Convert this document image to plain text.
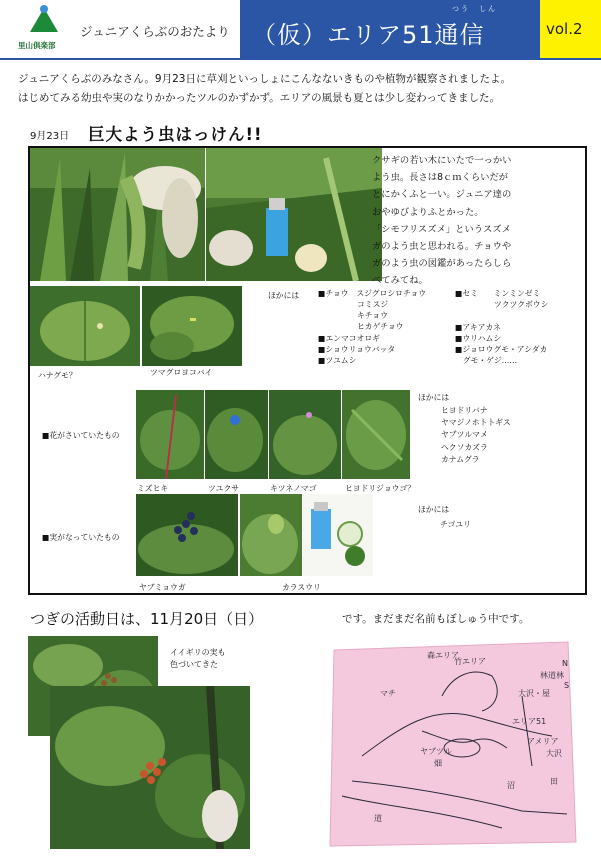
里山倶楽部
ジュニアくらぶのおたより
つう　しん
（仮）エリア51通信	vol.2
ジュニアくらぶのみなさん。9月23日に草刈といっしょにこんなないきものや植物が観察されましたよ。
はじめてみる幼虫や実のなりかかったツルのかずかず。エリアの風景も夏とは少し変わってきました。
9月23日 巨大よう虫はっけん!!
クサギの若い木にいたで一っかい
よう虫。長さは8ｃｍくらいだが
とにかくふと一い。ジュニア達の
おやゆびよりふとかった。
「シモフリスズメ」というスズメ
ガのよう虫と思われる。チョウや
ガのよう虫の図鑑があったらしら
べてみてね。
ハナグモ？	ツマグロヨコバイ
ほかには ■チョウ　スジグロシロチョウ
　　　　　コミスジ
　　　　　キチョウ
　　　　　ヒカゲチョウ
■エンマコオロギ
■ショウリョウバッタ
■ツユムシ
■セミ　　ミンミンゼミ
　　　　　ツクツクボウシ
■アキアカネ
■ウリハムシ
■ジョロウグモ・アシダカ
　グモ・ゲジ……
■花がさいていたもの
ミズヒキ	ツユクサ	キツネノマゴ	ヒヨドリジョウゴ？
ほかには
ヒヨドリバナ
ヤマジノホトトギス
ヤブツルマメ
ヘクソカズラ
カナムグラ
■実がなっていたもの
ヤブミョウガ	カラスウリ
ほかには
チゴユリ
つぎの活動日は、11月20日（日）	です。まだまだ名前もぼしゅう中です。
イイギリの実も
色づいてきた
森エリア
竹エリア
マチ
ヤブツル
林道林
大沢・屋
エリア51
アメリア
畑
田
大沢
沼
道
S
N
